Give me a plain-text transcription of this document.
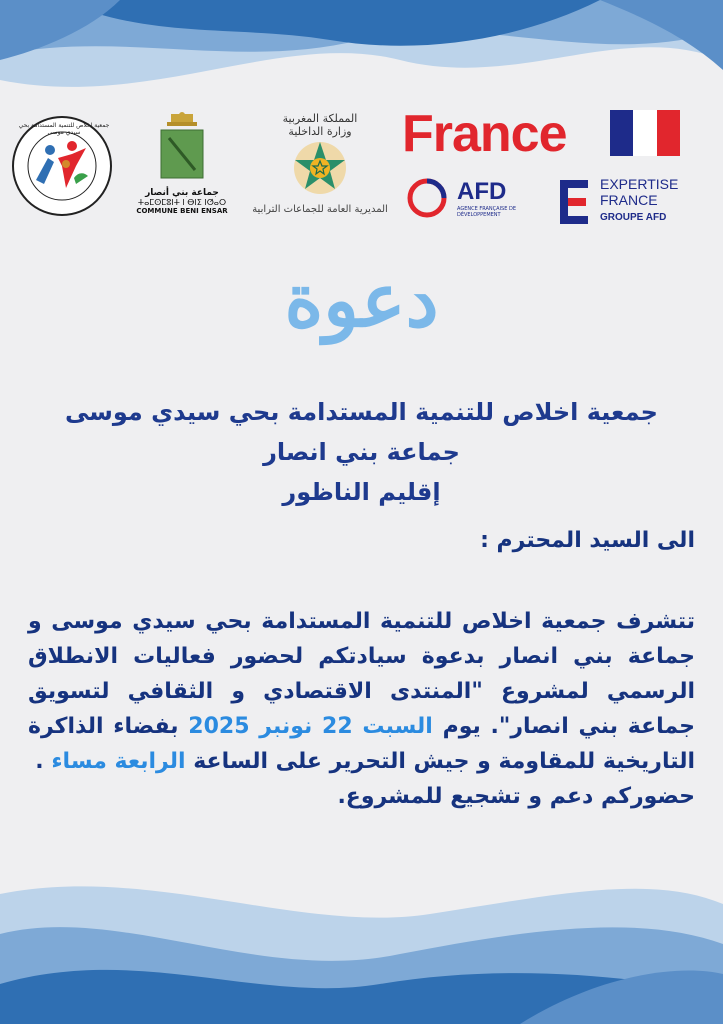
جماعة بني أنصار
ⵜⴰⵎⵙⵎⵓⵏⵜ ⵏ ⴱⵏⵉ ⵏⵚⴰⵔ
COMMUNE BENI ENSAR
المملكة المغربية
وزارة الداخلية
المديرية العامة للجماعات الترابية
France
AFD
AGENCE FRANÇAISE DE DÉVELOPPEMENT
EXPERTISE
FRANCE
GROUPE AFD
دعوة
جمعية اخلاص للتنمية المستدامة بحي سيدي موسى
جماعة بني انصار
إقليم الناظور
الى السيد المحترم :
تتشرف جمعية اخلاص للتنمية المستدامة بحي سيدي موسى و جماعة بني انصار بدعوة سيادتكم لحضور فعاليات الانطلاق الرسمي لمشروع "المنتدى الاقتصادي و الثقافي لتسويق جماعة بني انصار". يوم السبت 22 نونبر 2025 بفضاء الذاكرة التاريخية للمقاومة و جيش التحرير على الساعة الرابعة مساء .
حضوركم دعم و تشجيع للمشروع.
جمعية اخلاص للتنمية المستدامة بحي سيدي موسى
